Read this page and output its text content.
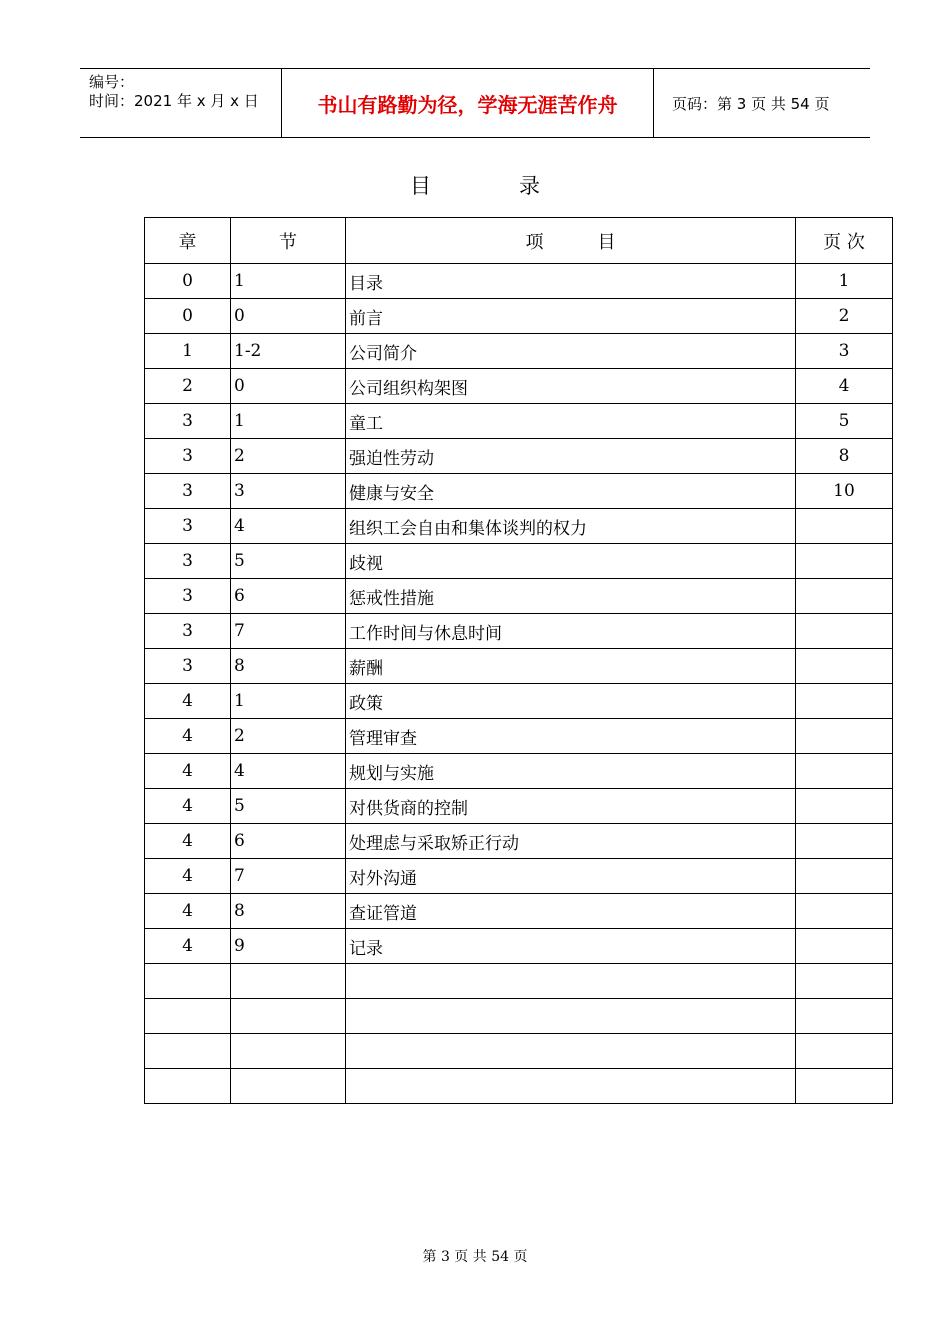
编号：
时间：2021 年 x 月 x 日	书山有路勤为径，学海无涯苦作舟	页码：第 3 页 共 54 页
目	录
章	节	项　　　目	页 次
0	1	目录	1
0	0	前言	2
1	1-2	公司简介	3
2	0	公司组织构架图	4
3	1	童工	5
3	2	强迫性劳动	8
3	3	健康与安全	10
3	4	组织工会自由和集体谈判的权力	
3	5	歧视	
3	6	惩戒性措施	
3	7	工作时间与休息时间	
3	8	薪酬	
4	1	政策	
4	2	管理审查	
4	4	规划与实施	
4	5	对供货商的控制	
4	6	处理虑与采取矫正行动	
4	7	对外沟通	
4	8	查证管道	
4	9	记录	

第 3 页 共 54 页
